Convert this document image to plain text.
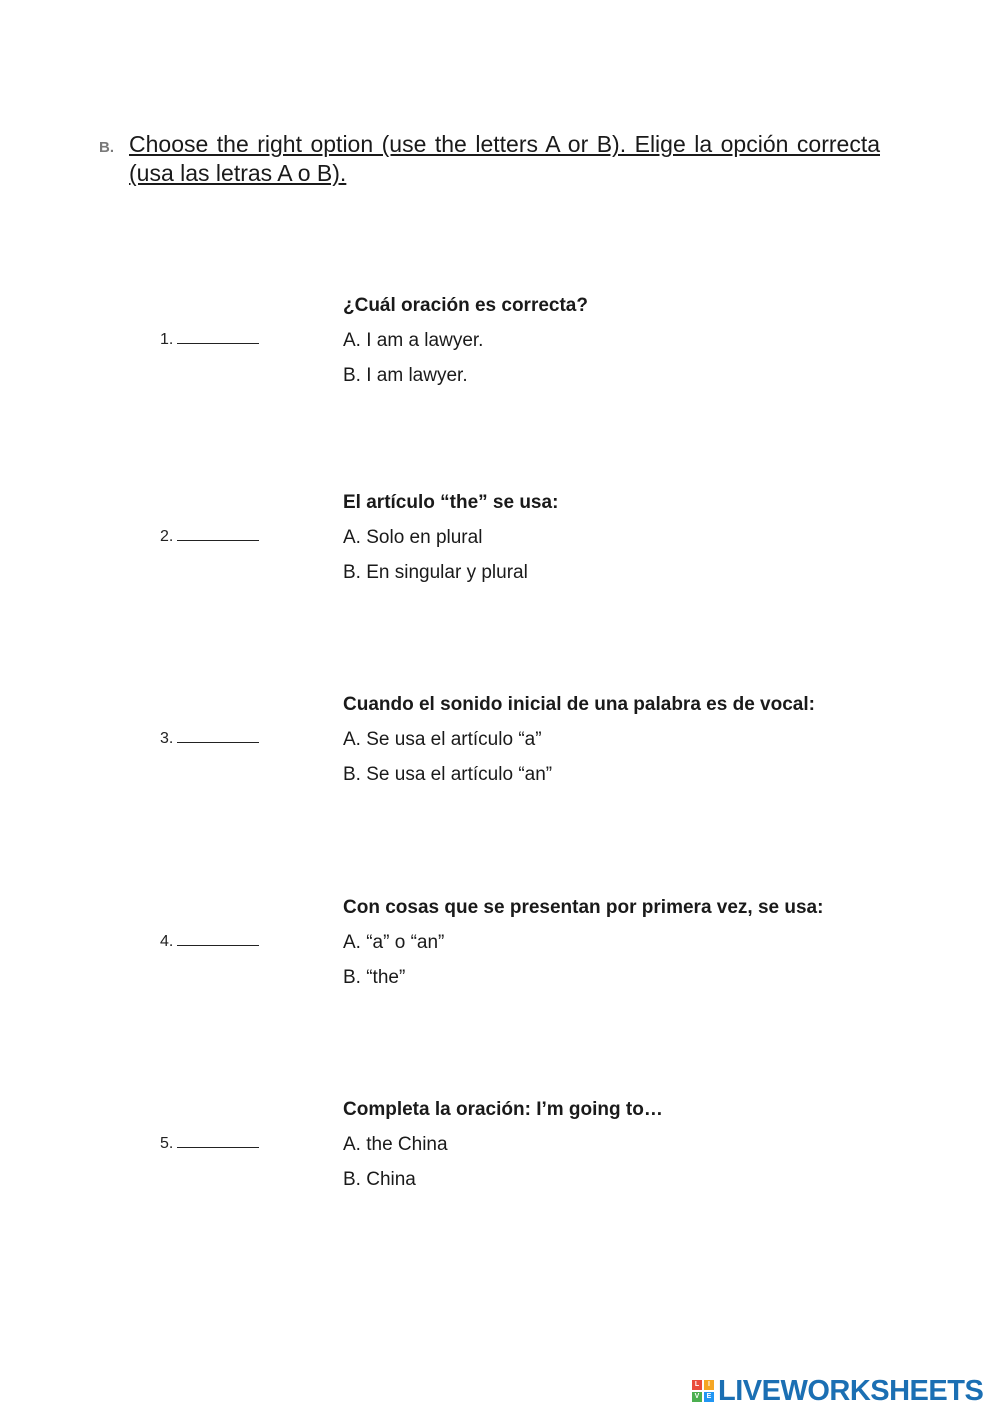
B. Choose the right option (use the letters A or B). Elige la opción correcta (usa las letras A o B).
1.
¿Cuál oración es correcta?
A. I am a lawyer.
B. I am lawyer.
2.
El artículo “the” se usa:
A. Solo en plural
B. En singular y plural
3.
Cuando el sonido inicial de una palabra es de vocal:
A. Se usa el artículo “a”
B. Se usa el artículo “an”
4.
Con cosas que se presentan por primera vez, se usa:
A. “a” o “an”
B. “the”
5.
Completa la oración: I’m going to…
A. the China
B. China
L	I
V	E LIVEWORKSHEETS
